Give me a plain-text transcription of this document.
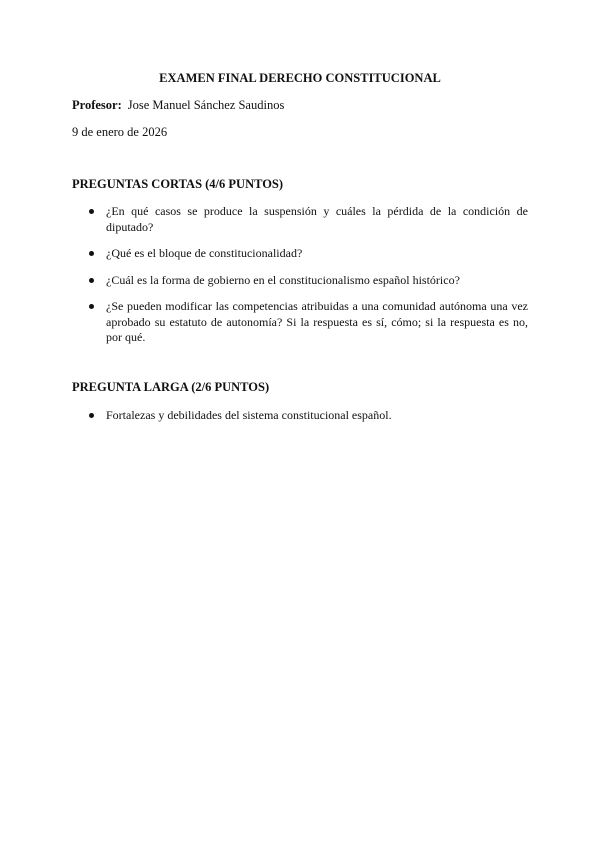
EXAMEN FINAL DERECHO CONSTITUCIONAL
Profesor: Jose Manuel Sánchez Saudinos
9 de enero de 2026
PREGUNTAS CORTAS (4/6 PUNTOS)
¿En qué casos se produce la suspensión y cuáles la pérdida de la condición de diputado?
¿Qué es el bloque de constitucionalidad?
¿Cuál es la forma de gobierno en el constitucionalismo español histórico?
¿Se pueden modificar las competencias atribuidas a una comunidad autónoma una vez aprobado su estatuto de autonomía? Si la respuesta es sí, cómo; si la respuesta es no, por qué.
PREGUNTA LARGA (2/6 PUNTOS)
Fortalezas y debilidades del sistema constitucional español.
